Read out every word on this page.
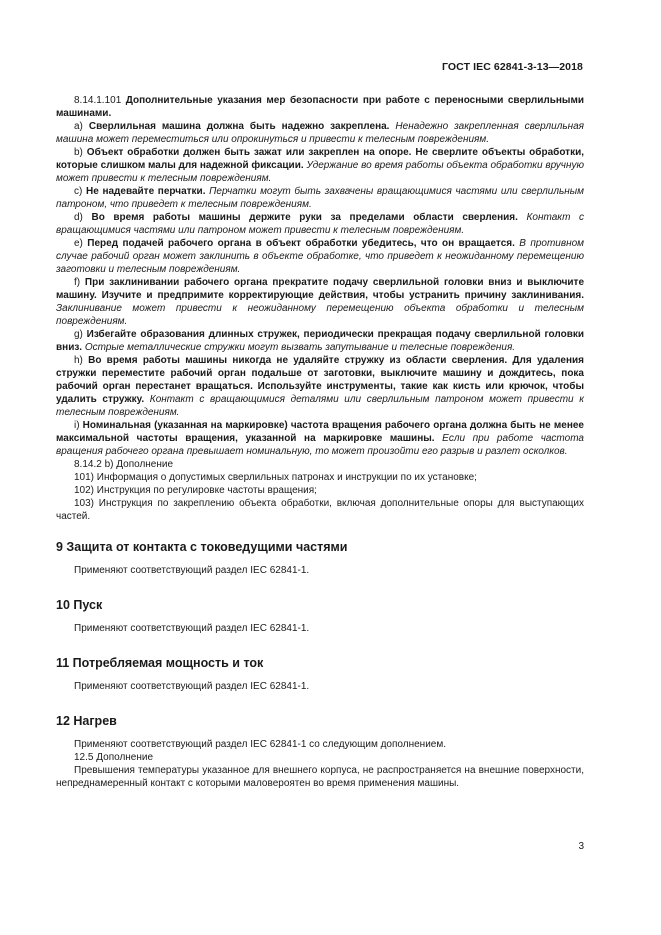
ГОСТ IEC 62841-3-13—2018

8.14.1.101 Дополнительные указания мер безопасности при работе с переносными сверлильными машинами.

a) Сверлильная машина должна быть надежно закреплена. Ненадежно закрепленная сверлильная машина может переместиться или опрокинуться и привести к телесным повреждениям.

b) Объект обработки должен быть зажат или закреплен на опоре. Не сверлите объекты обработки, которые слишком малы для надежной фиксации. Удержание во время работы объекта обработки вручную может привести к телесным повреждениям.

c) Не надевайте перчатки. Перчатки могут быть захвачены вращающимися частями или сверлильным патроном, что приведет к телесным повреждениям.

d) Во время работы машины держите руки за пределами области сверления. Контакт с вращающимися частями или патроном может привести к телесным повреждениям.

e) Перед подачей рабочего органа в объект обработки убедитесь, что он вращается. В противном случае рабочий орган может заклинить в объекте обработке, что приведет к неожиданному перемещению заготовки и телесным повреждениям.

f) При заклинивании рабочего органа прекратите подачу сверлильной головки вниз и выключите машину. Изучите и предпримите корректирующие действия, чтобы устранить причину заклинивания. Заклинивание может привести к неожиданному перемещению объекта обработки и телесным повреждениям.

g) Избегайте образования длинных стружек, периодически прекращая подачу сверлильной головки вниз. Острые металлические стружки могут вызвать запутывание и телесные повреждения.

h) Во время работы машины никогда не удаляйте стружку из области сверления. Для удаления стружки переместите рабочий орган подальше от заготовки, выключите машину и дождитесь, пока рабочий орган перестанет вращаться. Используйте инструменты, такие как кисть или крючок, чтобы удалить стружку. Контакт с вращающимися деталями или сверлильным патроном может привести к телесным повреждениям.

i) Номинальная (указанная на маркировке) частота вращения рабочего органа должна быть не менее максимальной частоты вращения, указанной на маркировке машины. Если при работе частота вращения рабочего органа превышает номинальную, то может произойти его разрыв и разлет осколков.

8.14.2 b) Дополнение

101) Информация о допустимых сверлильных патронах и инструкции по их установке;

102) Инструкция по регулировке частоты вращения;

103) Инструкция по закреплению объекта обработки, включая дополнительные опоры для выступающих частей.

9 Защита от контакта с токоведущими частями

Применяют соответствующий раздел IEC 62841-1.

10 Пуск

Применяют соответствующий раздел IEC 62841-1.

11 Потребляемая мощность и ток

Применяют соответствующий раздел IEC 62841-1.

12 Нагрев

Применяют соответствующий раздел IEC 62841-1 со следующим дополнением.

12.5 Дополнение

Превышения температуры указанное для внешнего корпуса, не распространяется на внешние поверхности, непреднамеренный контакт с которыми маловероятен во время применения машины.

3
